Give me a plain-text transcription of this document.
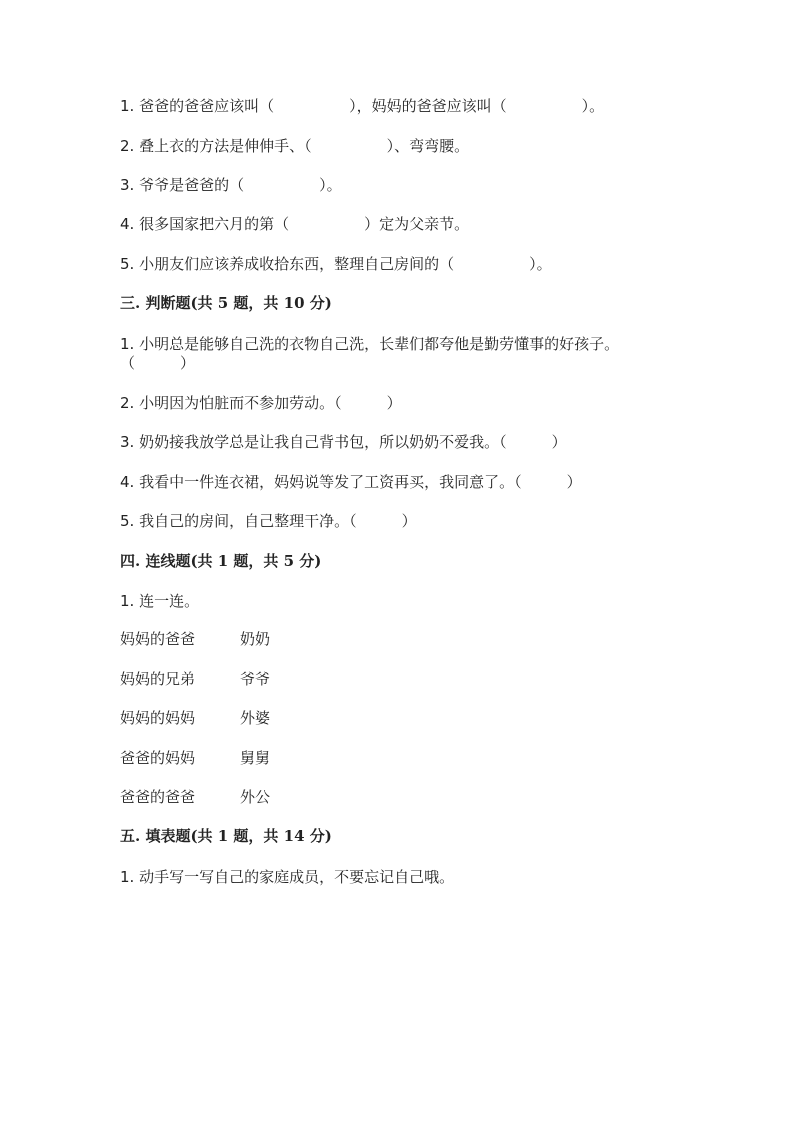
1. 爸爸的爸爸应该叫（　　　　　），妈妈的爸爸应该叫（　　　　　）。
2. 叠上衣的方法是伸伸手、（　　　　　）、弯弯腰。
3. 爷爷是爸爸的（　　　　　）。
4. 很多国家把六月的第（　　　　　）定为父亲节。
5. 小朋友们应该养成收拾东西，整理自己房间的（　　　　　）。
三. 判断题(共 5 题，共 10 分)
1. 小明总是能够自己洗的衣物自己洗，长辈们都夸他是勤劳懂事的好孩子。
（　　　）
2. 小明因为怕脏而不参加劳动。（　　　）
3. 奶奶接我放学总是让我自己背书包，所以奶奶不爱我。（　　　）
4. 我看中一件连衣裙，妈妈说等发了工资再买，我同意了。（　　　）
5. 我自己的房间，自己整理干净。（　　　）
四. 连线题(共 1 题，共 5 分)
1. 连一连。
妈妈的爸爸	奶奶
妈妈的兄弟	爷爷
妈妈的妈妈	外婆
爸爸的妈妈	舅舅
爸爸的爸爸	外公
五. 填表题(共 1 题，共 14 分)
1. 动手写一写自己的家庭成员，不要忘记自己哦。
